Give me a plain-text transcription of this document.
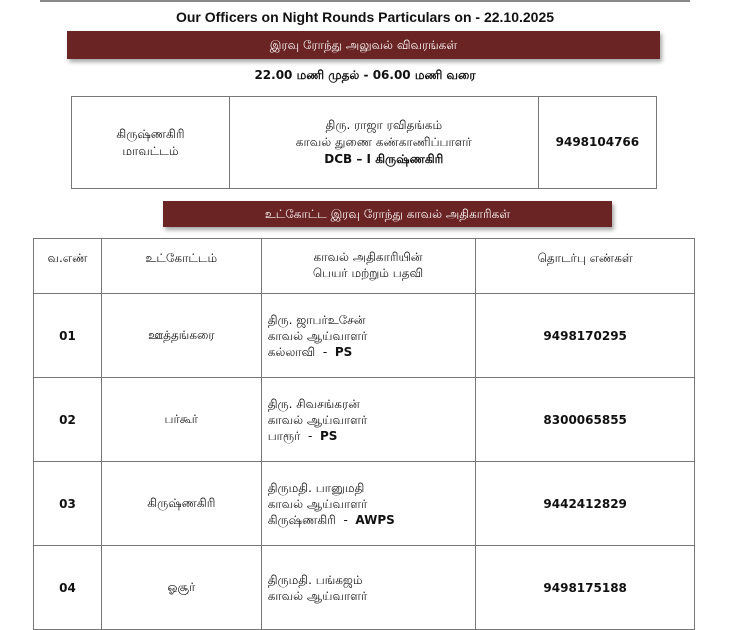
Our Officers on Night Rounds Particulars on - 22.10.2025
இரவு ரோந்து அலுவல் விவரங்கள்
22.00 மணி முதல் - 06.00 மணி வரை
கிருஷ்ணகிரி
மாவட்டம்

திரு. ராஜா ரவிதங்கம்
காவல் துணை கண்காணிப்பாளர்
DCB – I கிருஷ்ணகிரி
	9498104766
உட்கோட்ட இரவு ரோந்து காவல் அதிகாரிகள்
வ.எண்	உட்கோட்டம்	காவல் அதிகாரியின்
பெயர் மற்றும் பதவி	தொடர்பு எண்கள்
01	ஊத்தங்கரை	திரு. ஜாபர்உசேன்
காவல் ஆய்வாளர்
கல்லாவி  -  PS	9498170295
02	பர்கூர்	திரு. சிவசங்கரன்
காவல் ஆய்வாளர்
பாரூர்  -  PS	8300065855
03	கிருஷ்ணகிரி	திருமதி. பானுமதி
காவல் ஆய்வாளர்
கிருஷ்ணகிரி  -  AWPS	9442412829
04	ஓசூர்	திருமதி. பங்கஜம்
காவல் ஆய்வாளர்	9498175188
